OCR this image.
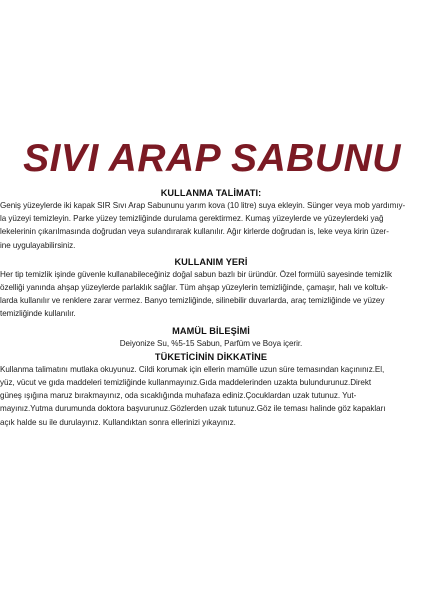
SIVI ARAP SABUNU

KULLANMA TALİMATI:

Geniş yüzeylerde iki kapak SIR Sıvı Arap Sabununu yarım kova (10 litre) suya ekleyin. Sünger veya mob yardımıy-
la yüzeyi temizleyin. Parke yüzey temizliğinde durulama gerektirmez. Kumaş yüzeylerde ve yüzeylerdeki yağ
lekelerinin çıkarılmasında doğrudan veya sulandırarak kullanılır. Ağır kirlerde doğrudan is, leke veya kirin üzer-
ine uygulayabilirsiniz.

KULLANIM YERİ

Her tip temizlik işinde güvenle kullanabileceğiniz doğal sabun bazlı bir üründür. Özel formülü sayesinde temizlik
özelliği yanında ahşap yüzeylerde parlaklık sağlar. Tüm ahşap yüzeylerin temizliğinde, çamaşır, halı ve koltuk-
larda kullanılır ve renklere zarar vermez. Banyo temizliğinde, silinebilir duvarlarda, araç temizliğinde ve yüzey
temizliğinde kullanılır.

MAMÜL BİLEŞİMİ

Deiyonize Su, %5-15 Sabun, Parfüm ve Boya içerir.

TÜKETİCİNİN DİKKATİNE

Kullanma talimatını mutlaka okuyunuz. Cildi korumak için ellerin mamülle uzun süre temasından kaçınınız.El,
yüz, vücut ve gıda maddeleri temizliğinde kullanmayınız.Gıda maddelerinden uzakta bulundurunuz.Direkt
güneş ışığına maruz bırakmayınız, oda sıcaklığında muhafaza ediniz.Çocuklardan uzak tutunuz. Yut-
mayınız.Yutma durumunda doktora başvurunuz.Gözlerden uzak tutunuz.Göz ile teması halinde göz kapakları
açık halde su ile durulayınız. Kullandıktan sonra ellerinizi yıkayınız.
